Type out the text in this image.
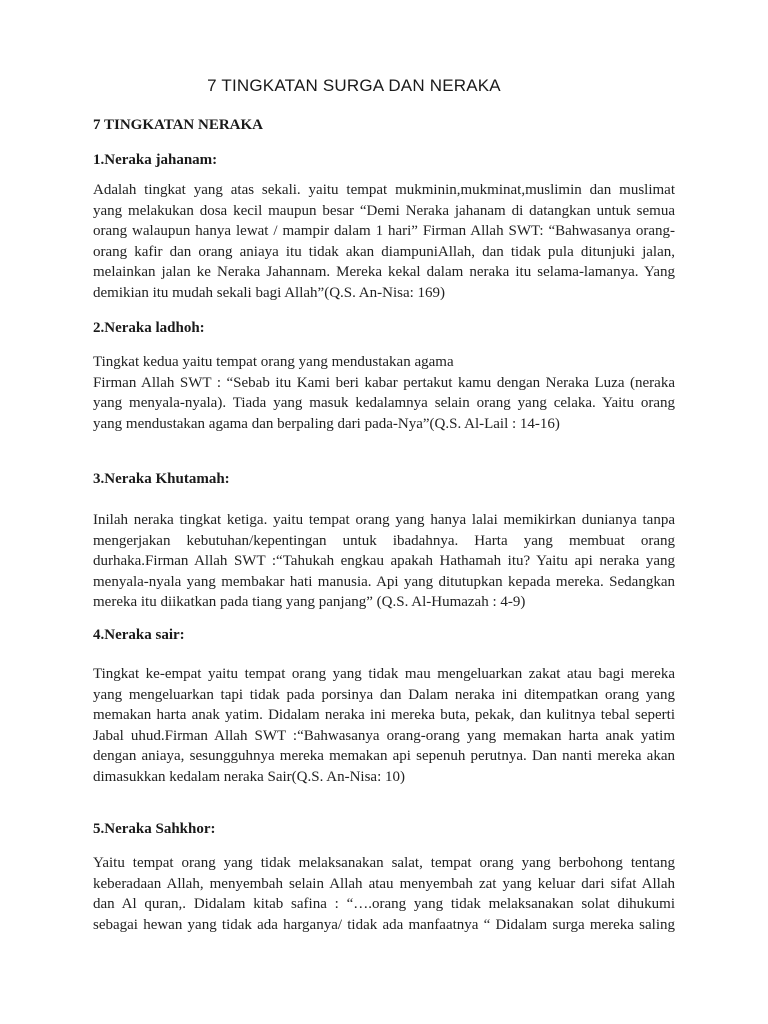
7 TINGKATAN SURGA DAN NERAKA
7 TINGKATAN NERAKA
1.Neraka jahanam:

Adalah tingkat yang atas sekali. yaitu tempat mukminin,mukminat,muslimin dan muslimat
yang melakukan dosa kecil maupun besar “Demi Neraka jahanam di datangkan untuk semua
orang walaupun hanya lewat / mampir dalam 1 hari” Firman Allah SWT: “Bahwasanya orang-
orang kafir dan orang aniaya itu tidak akan diampuniAllah, dan tidak pula ditunjuki jalan,
melainkan jalan ke Neraka Jahannam. Mereka kekal dalam neraka itu selama-lamanya. Yang
demikian itu mudah sekali bagi Allah”(Q.S. An-Nisa: 169)

2.Neraka ladhoh:

Tingkat kedua yaitu tempat orang yang mendustakan agama
Firman Allah SWT : “Sebab itu Kami beri kabar pertakut kamu dengan Neraka Luza (neraka
yang menyala-nyala). Tiada yang masuk kedalamnya selain orang yang celaka. Yaitu orang
yang mendustakan agama dan berpaling dari pada-Nya”(Q.S. Al-Lail : 14-16)

3.Neraka Khutamah:

Inilah neraka tingkat ketiga. yaitu tempat orang yang hanya lalai memikirkan dunianya tanpa
mengerjakan kebutuhan/kepentingan untuk ibadahnya. Harta yang membuat orang
durhaka.Firman Allah SWT :“Tahukah engkau apakah Hathamah itu? Yaitu api neraka yang
menyala-nyala yang membakar hati manusia. Api yang ditutupkan kepada mereka. Sedangkan
mereka itu diikatkan pada tiang yang panjang” (Q.S. Al-Humazah : 4-9)

4.Neraka sair:

Tingkat ke-empat yaitu tempat orang yang tidak mau mengeluarkan zakat atau bagi mereka
yang mengeluarkan tapi tidak pada porsinya dan Dalam neraka ini ditempatkan orang yang
memakan harta anak yatim. Didalam neraka ini mereka buta, pekak, dan kulitnya tebal seperti
Jabal uhud.Firman Allah SWT :“Bahwasanya orang-orang yang memakan harta anak yatim
dengan aniaya, sesungguhnya mereka memakan api sepenuh perutnya. Dan nanti mereka akan
dimasukkan kedalam neraka Sair(Q.S. An-Nisa: 10)

5.Neraka Sahkhor:

Yaitu tempat orang yang tidak melaksanakan salat, tempat orang yang berbohong tentang
keberadaan Allah, menyembah selain Allah atau menyembah zat yang keluar dari sifat Allah
dan Al quran,. Didalam kitab safina : “….orang yang tidak melaksanakan solat dihukumi
sebagai hewan yang tidak ada harganya/ tidak ada manfaatnya “ Didalam surga mereka saling
